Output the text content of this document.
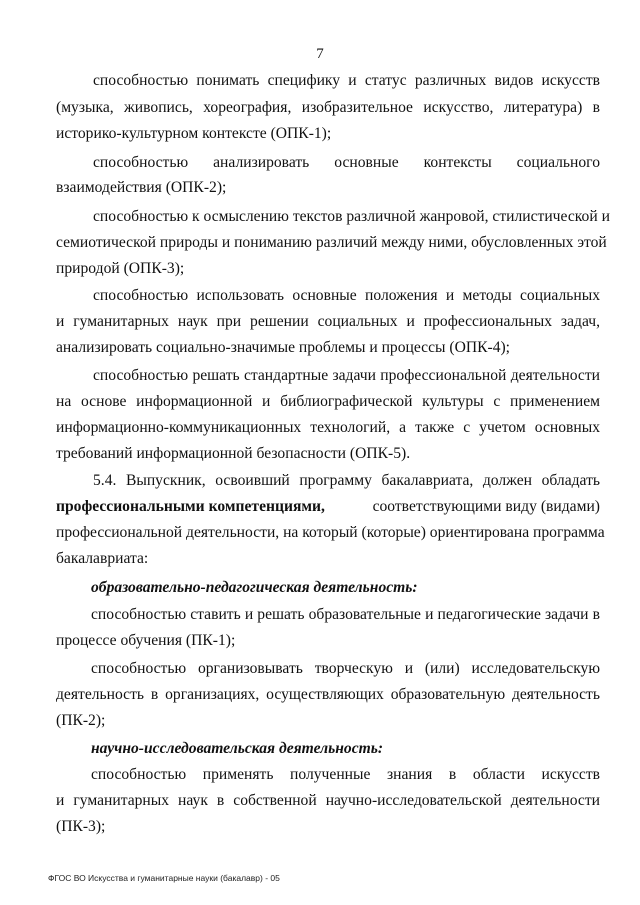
7
способностью понимать специфику и статус различных видов искусств
(музыка, живопись, хореография, изобразительное искусство, литература) в
историко-культурном контексте (ОПК-1);
способностью анализировать основные контексты социального
взаимодействия (ОПК-2);
способностью к осмыслению текстов различной жанровой, стилистической и
семиотической природы и пониманию различий между ними, обусловленных этой
природой (ОПК-3);
способностью использовать основные положения и методы социальных
и гуманитарных наук при решении социальных и профессиональных задач,
анализировать социально-значимые проблемы и процессы (ОПК-4);
способностью решать стандартные задачи профессиональной деятельности
на основе информационной и библиографической культуры с применением
информационно-коммуникационных технологий, а также с учетом основных
требований информационной безопасности (ОПК-5).
5.4. Выпускник, освоивший программу бакалавриата, должен обладать
профессиональными компетенциями,	соответствующими виду (видами)
профессиональной деятельности, на который (которые) ориентирована программа
бакалавриата:
образовательно-педагогическая деятельность:
способностью ставить и решать образовательные и педагогические задачи в
процессе обучения (ПК-1);
способностью организовывать творческую и (или) исследовательскую
деятельность в организациях, осуществляющих образовательную деятельность
(ПК-2);
научно-исследовательская деятельность:
способностью применять полученные знания в области искусств
и гуманитарных наук в собственной научно-исследовательской деятельности
(ПК-3);
ФГОС ВО Искусства и гуманитарные науки (бакалавр) - 05
